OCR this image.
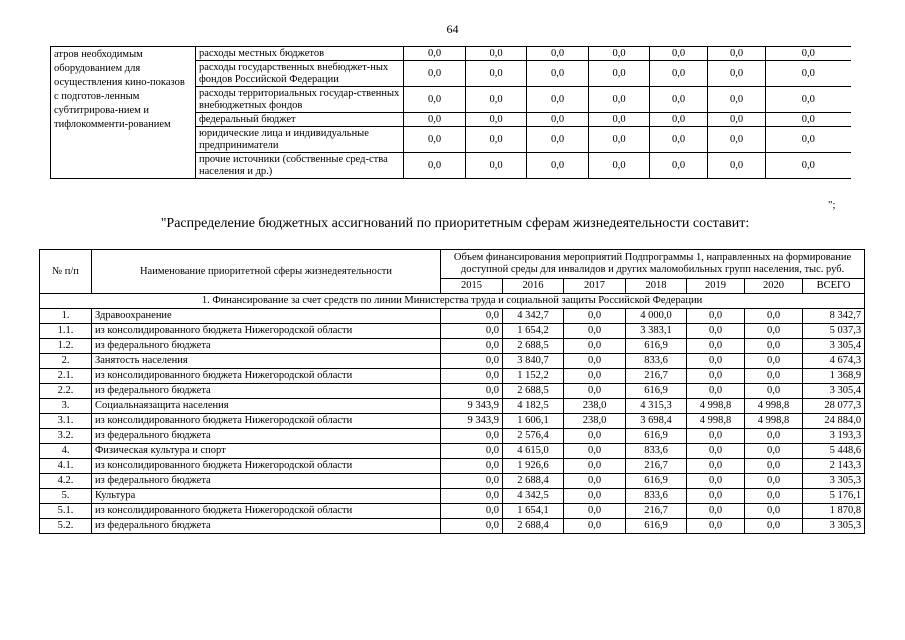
64
атров необходимым оборудованием для осуществления кино-показов с подготов-ленным субтитрирова-нием и тифлокомменти-рованием	расходы местных бюджетов	0,0	0,0	0,0	0,0	0,0	0,0	0,0
	расходы государственных внебюджет-ных фондов Российской Федерации	0,0	0,0	0,0	0,0	0,0	0,0	0,0
	расходы территориальных государ-ственных внебюджетных фондов	0,0	0,0	0,0	0,0	0,0	0,0	0,0
	федеральный бюджет	0,0	0,0	0,0	0,0	0,0	0,0	0,0
	юридические лица и индивидуальные предприниматели	0,0	0,0	0,0	0,0	0,0	0,0	0,0
	прочие источники (собственные сред-ства населения и др.)	0,0	0,0	0,0	0,0	0,0	0,0	0,0
";
"Распределение бюджетных ассигнований по приоритетным сферам жизнедеятельности составит:
№ п/п	Наименование приоритетной сферы жизнедеятельности	Объем финансирования мероприятий Подпрограммы 1, направленных на формирование доступной среды для инвалидов и других маломобильных групп населения, тыс. руб.						
		2015	2016	2017	2018	2019	2020	ВСЕГО
1. Финансирование за счет средств по линии Министерства труда и социальной защиты Российской Федерации								
1.	Здравоохранение	0,0	4 342,7	0,0	4 000,0	0,0	0,0	8 342,7
1.1.	из консолидированного бюджета Нижегородской области	0,0	1 654,2	0,0	3 383,1	0,0	0,0	5 037,3
1.2.	из федерального бюджета	0,0	2 688,5	0,0	616,9	0,0	0,0	3 305,4
2.	Занятость населения	0,0	3 840,7	0,0	833,6	0,0	0,0	4 674,3
2.1.	из консолидированного бюджета Нижегородской области	0,0	1 152,2	0,0	216,7	0,0	0,0	1 368,9
2.2.	из федерального бюджета	0,0	2 688,5	0,0	616,9	0,0	0,0	3 305,4
3.	Социальнаязащита населения	9 343,9	4 182,5	238,0	4 315,3	4 998,8	4 998,8	28 077,3
3.1.	из консолидированного бюджета Нижегородской области	9 343,9	1 606,1	238,0	3 698,4	4 998,8	4 998,8	24 884,0
3.2.	из федерального бюджета	0,0	2 576,4	0,0	616,9	0,0	0,0	3 193,3
4.	Физическая культура и спорт	0,0	4 615,0	0,0	833,6	0,0	0,0	5 448,6
4.1.	из консолидированного бюджета Нижегородской области	0,0	1 926,6	0,0	216,7	0,0	0,0	2 143,3
4.2.	из федерального бюджета	0,0	2 688,4	0,0	616,9	0,0	0,0	3 305,3
5.	Культура	0,0	4 342,5	0,0	833,6	0,0	0,0	5 176,1
5.1.	из консолидированного бюджета Нижегородской области	0,0	1 654,1	0,0	216,7	0,0	0,0	1 870,8
5.2.	из федерального бюджета	0,0	2 688,4	0,0	616,9	0,0	0,0	3 305,3
